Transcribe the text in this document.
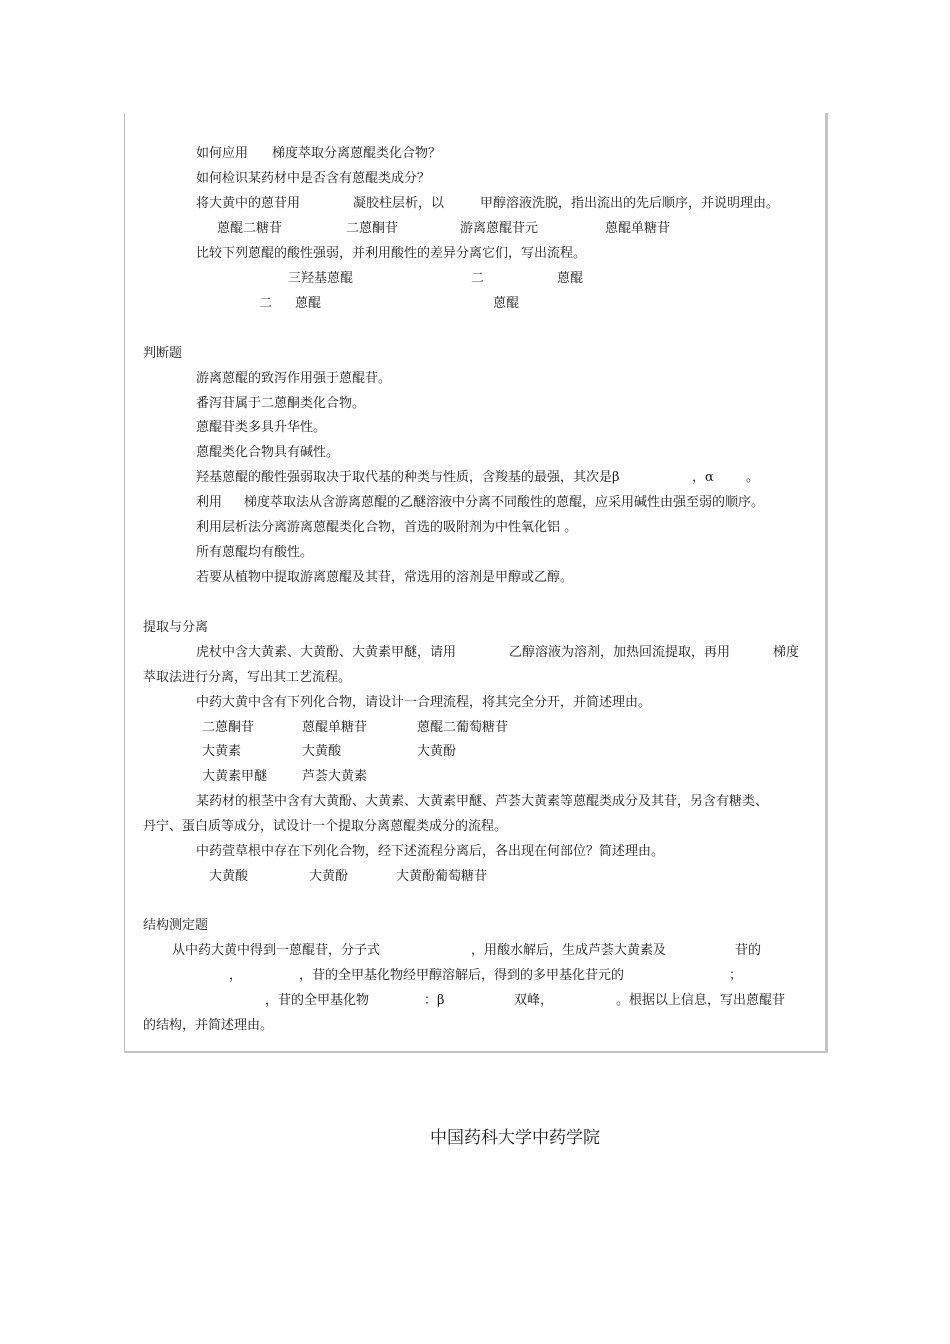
如何应用 梯度萃取分离蒽醌类化合物？
如何检识某药材中是否含有蒽醌类成分？
将大黄中的蒽苷用	凝胶柱层析，以	甲醇溶液洗脱，指出流出的先后顺序，并说明理由。
蒽醌二糖苷	二蒽酮苷	游离蒽醌苷元	蒽醌单糖苷
比较下列蒽醌的酸性强弱，并利用酸性的差异分离它们，写出流程。
三羟基蒽醌	二	蒽醌
二 蒽醌	蒽醌
判断题
游离蒽醌的致泻作用强于蒽醌苷。
番泻苷属于二蒽酮类化合物。
蒽醌苷类多具升华性。
蒽醌类化合物具有碱性。
羟基蒽醌的酸性强弱取决于取代基的种类与性质，含羧基的最强，其次是β	，α 。
利用 梯度萃取法从含游离蒽醌的乙醚溶液中分离不同酸性的蒽醌，应采用碱性由强至弱的顺序。
利用层析法分离游离蒽醌类化合物，首选的吸附剂为中性氧化铝 。
所有蒽醌均有酸性。
若要从植物中提取游离蒽醌及其苷，常选用的溶剂是甲醇或乙醇。
提取与分离
虎杖中含大黄素、大黄酚、大黄素甲醚，请用	乙醇溶液为溶剂，加热回流提取，再用	梯度
萃取法进行分离，写出其工艺流程。
中药大黄中含有下列化合物，请设计一合理流程，将其完全分开，并简述理由。
二蒽酮苷	蒽醌单糖苷	蒽醌二葡萄糖苷
大黄素	大黄酸	大黄酚
大黄素甲醚	芦荟大黄素
某药材的根茎中含有大黄酚、大黄素、大黄素甲醚、芦荟大黄素等蒽醌类成分及其苷，另含有糖类、
丹宁、蛋白质等成分，试设计一个提取分离蒽醌类成分的流程。
中药萱草根中存在下列化合物，经下述流程分离后，各出现在何部位？简述理由。
大黄酸	大黄酚	大黄酚葡萄糖苷
结构测定题
从中药大黄中得到一蒽醌苷，分子式	，用酸水解后，生成芦荟大黄素及	苷的
，	，苷的全甲基化物经甲醇溶解后，得到的多甲基化苷元的	；
，苷的全甲基化物	：β	双峰，	。根据以上信息，写出蒽醌苷
的结构，并简述理由。
中国药科大学中药学院
